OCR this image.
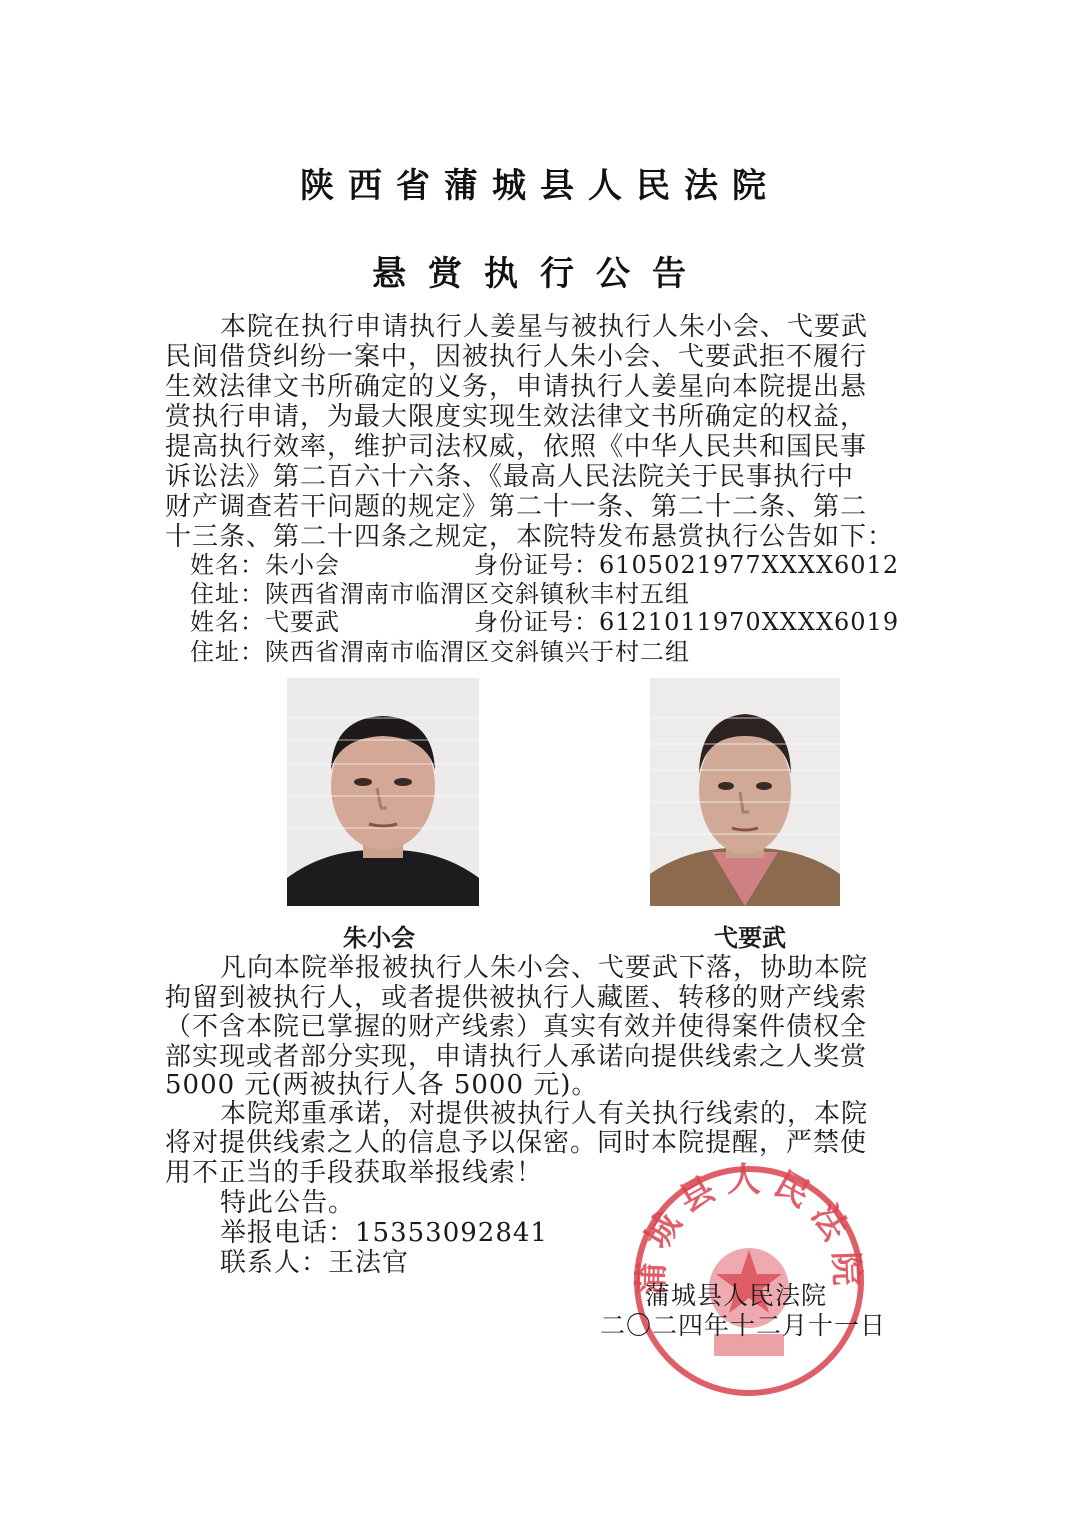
陕西省蒲城县人民法院
悬赏执行公告
本院在执行申请执行人姜星与被执行人朱小会、弋要武
民间借贷纠纷一案中，因被执行人朱小会、弋要武拒不履行
生效法律文书所确定的义务，申请执行人姜星向本院提出悬
赏执行申请，为最大限度实现生效法律文书所确定的权益，
提高执行效率，维护司法权威，依照《中华人民共和国民事
诉讼法》第二百六十六条、《最高人民法院关于民事执行中
财产调查若干问题的规定》第二十一条、第二十二条、第二
十三条、第二十四条之规定，本院特发布悬赏执行公告如下：
姓名：朱小会	身份证号：6105021977XXXX6012
住址：陕西省渭南市临渭区交斜镇秋丰村五组
姓名：弋要武	身份证号：6121011970XXXX6019
住址：陕西省渭南市临渭区交斜镇兴于村二组
朱小会	弋要武
凡向本院举报被执行人朱小会、弋要武下落，协助本院
拘留到被执行人，或者提供被执行人藏匿、转移的财产线索
（不含本院已掌握的财产线索）真实有效并使得案件债权全
部实现或者部分实现，申请执行人承诺向提供线索之人奖赏
5000 元(两被执行人各 5000 元)。
本院郑重承诺，对提供被执行人有关执行线索的，本院
将对提供线索之人的信息予以保密。同时本院提醒，严禁使
用不正当的手段获取举报线索！
特此公告。
举报电话：15353092841
联系人：王法官	蒲城县人民法院
蒲城县人民法院
二〇二四年十二月十一日
